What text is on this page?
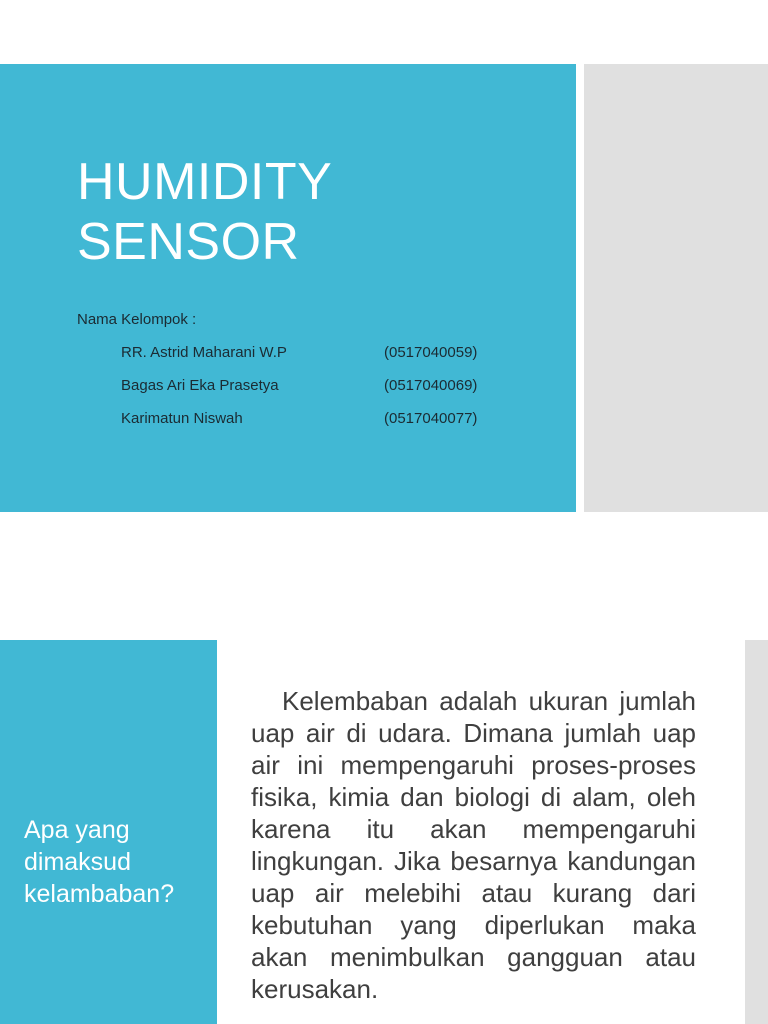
HUMIDITY
SENSOR
Nama Kelompok :
RR. Astrid Maharani W.P	(0517040059)
Bagas Ari Eka Prasetya	(0517040069)
Karimatun Niswah	(0517040077)
Apa yang dimaksud kelambaban?

Kelembaban adalah ukuran jumlah uap air di udara. Dimana jumlah uap air ini mempengaruhi proses-proses fisika, kimia dan biologi di alam, oleh karena itu akan mempengaruhi lingkungan. Jika besarnya kandungan uap air melebihi atau kurang dari kebutuhan yang diperlukan maka akan menimbulkan gangguan atau kerusakan.
